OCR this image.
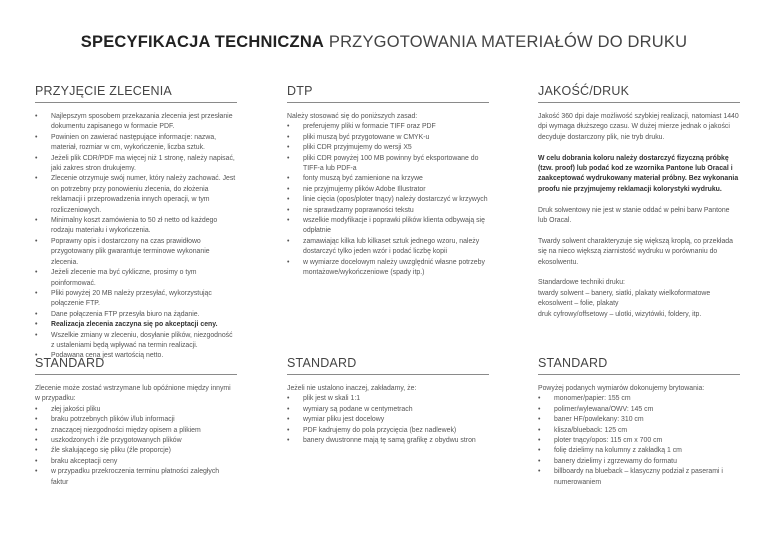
SPECYFIKACJA TECHNICZNA PRZYGOTOWANIA MATERIAŁÓW DO DRUKU
PRZYJĘCIE ZLECENIA
• Najlepszym sposobem przekazania zlecenia jest przesłanie dokumentu zapisanego w formacie PDF.
• Powinien on zawierać następujące informacje: nazwa, materiał, rozmiar w cm, wykończenie, liczba sztuk.
• Jeżeli plik CDR/PDF ma więcej niż 1 stronę, należy napisać, jaki zakres stron drukujemy.
• Zlecenie otrzymuje swój numer, który należy zachować. Jest on potrzebny przy ponowieniu zlecenia, do złożenia reklamacji i przeprowadzenia innych operacji, w tym rozliczeniowych.
• Minimalny koszt zamówienia to 50 zł netto od każdego rodzaju materiału i wykończenia.
• Poprawny opis i dostarczony na czas prawidłowo przygotowany plik gwarantuje terminowe wykonanie zlecenia.
• Jeżeli zlecenie ma być cykliczne, prosimy o tym poinformować.
• Pliki powyżej 20 MB należy przesyłać, wykorzystując połączenie FTP.
• Dane połączenia FTP przesyła biuro na żądanie.
• Realizacja zlecenia zaczyna się po akceptacji ceny.
• Wszelkie zmiany w zleceniu, dosyłanie plików, niezgodność z ustaleniami będą wpływać na termin realizacji.
• Podawana cena jest wartością netto.
DTP

Należy stosować się do poniższych zasad:

• preferujemy pliki w formacie TIFF oraz PDF
• pliki muszą być przygotowane w CMYK-u
• pliki CDR przyjmujemy do wersji X5
• pliki CDR powyżej 100 MB powinny być eksportowane do TIFF-a lub PDF-a
• fonty muszą być zamienione na krzywe
• nie przyjmujemy plików Adobe Illustrator
• linie cięcia (opos/ploter tnący) należy dostarczyć w krzywych
• nie sprawdzamy poprawności tekstu
• wszelkie modyfikacje i poprawki plików klienta odbywają się odpłatnie
• zamawiając kilka lub kilkaset sztuk jednego wzoru, należy dostarczyć tylko jeden wzór i podać liczbę kopii
• w wymiarze docelowym należy uwzględnić własne potrzeby montażowe/wykończeniowe (spady itp.)
JAKOŚĆ/DRUK

Jakość 360 dpi daje możliwość szybkiej realizacji, natomiast 1440 dpi wymaga dłuższego czasu. W dużej mierze jednak o jakości decyduje dostarczony plik, nie tryb druku.

W celu dobrania koloru należy dostarczyć fizyczną próbkę (tzw. proof) lub podać kod ze wzornika Pantone lub Oracal i zaakceptować wydrukowany materiał próbny. Bez wykonania proofu nie przyjmujemy reklamacji kolorystyki wydruku.

Druk solwentowy nie jest w stanie oddać w pełni barw Pantone lub Oracal.

Twardy solwent charakteryzuje się większą kroplą, co przekłada się na nieco większą ziarnistość wydruku w porównaniu do ekosolwentu.

Standardowe techniki druku:

twardy solwent – banery, siatki, plakaty wielkoformatowe

ekosolwent – folie, plakaty

druk cyfrowy/offsetowy – ulotki, wizytówki, foldery, itp.

STANDARD

Zlecenie może zostać wstrzymane lub opóźnione między innymi w przypadku:

• złej jakości pliku
• braku potrzebnych plików i/lub informacji
• znaczącej niezgodności między opisem a plikiem
• uszkodzonych i źle przygotowanych plików
• źle skalującego się pliku (źle proporcje)
• braku akceptacji ceny
• w przypadku przekroczenia terminu płatności zaległych faktur
STANDARD

Jeżeli nie ustalono inaczej, zakładamy, że:

• plik jest w skali 1:1
• wymiary są podane w centymetrach
• wymiar pliku jest docelowy
• PDF kadrujemy do pola przycięcia (bez nadlewek)
• banery dwustronne mają tę samą grafikę z obydwu stron
STANDARD

Powyżej podanych wymiarów dokonujemy brytowania:

• monomer/papier: 155 cm
• polimer/wylewana/OWV: 145 cm
• baner HF/powlekany: 310 cm
• klisza/blueback: 125 cm
• ploter tnący/opos: 115 cm x 700 cm
• folię dzielimy na kolumny z zakładką 1 cm
• banery dzielimy i zgrzewamy do formatu
• billboardy na blueback – klasyczny podział z paserami i numerowaniem
